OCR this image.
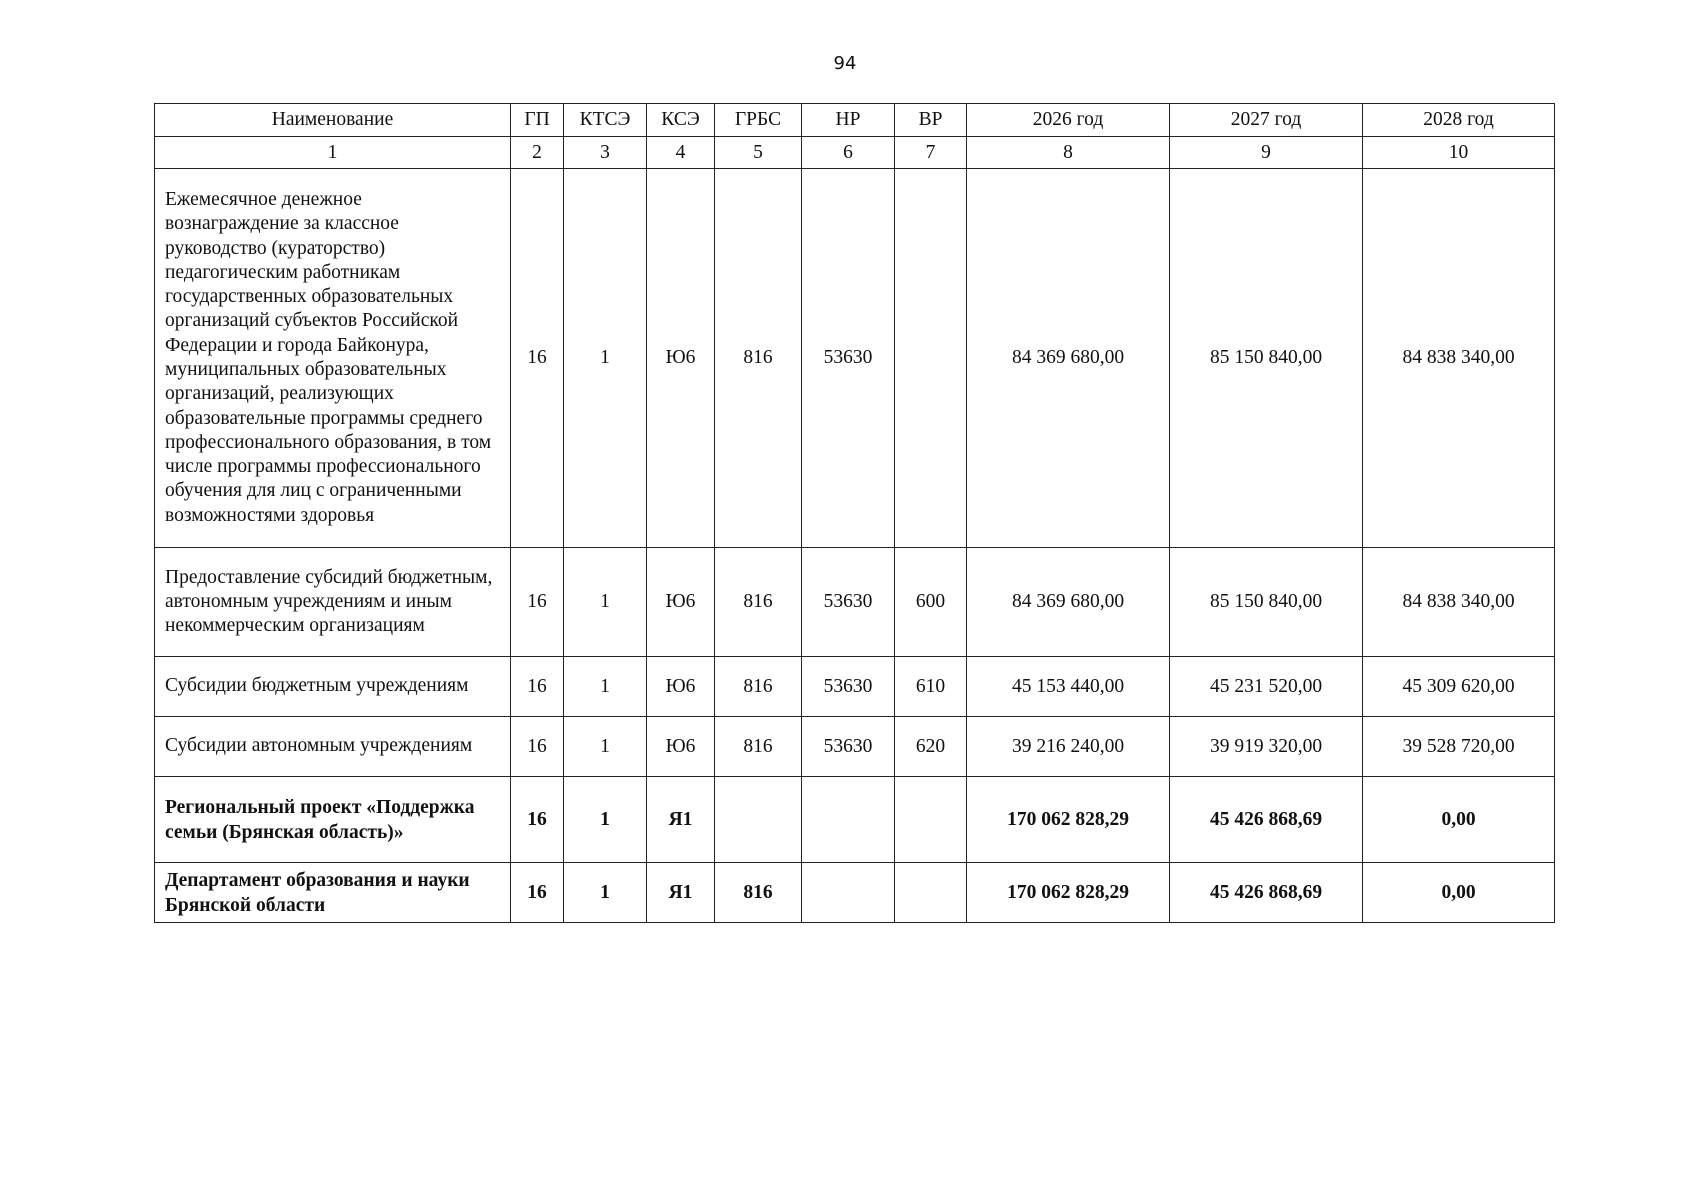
94
Наименование	ГП	КТСЭ	КСЭ	ГРБС	НР	ВР	2026 год	2027 год	2028 год
1	2	3	4	5	6	7	8	9	10
Ежемесячное денежное вознаграждение за классное руководство (кураторство) педагогическим работникам государственных образовательных организаций субъектов Российской Федерации и города Байконура, муниципальных образовательных организаций, реализующих образовательные программы среднего профессионального образования, в том числе программы профессионального обучения для лиц с ограниченными возможностями здоровья	16	1	Ю6	816	53630		84 369 680,00	85 150 840,00	84 838 340,00
Предоставление субсидий бюджетным, автономным учреждениям и иным некоммерческим организациям	16	1	Ю6	816	53630	600	84 369 680,00	85 150 840,00	84 838 340,00
Субсидии бюджетным учреждениям	16	1	Ю6	816	53630	610	45 153 440,00	45 231 520,00	45 309 620,00
Субсидии автономным учреждениям	16	1	Ю6	816	53630	620	39 216 240,00	39 919 320,00	39 528 720,00
Региональный проект «Поддержка семьи (Брянская область)»	16	1	Я1				170 062 828,29	45 426 868,69	0,00
Департамент образования и науки Брянской области	16	1	Я1	816			170 062 828,29	45 426 868,69	0,00
